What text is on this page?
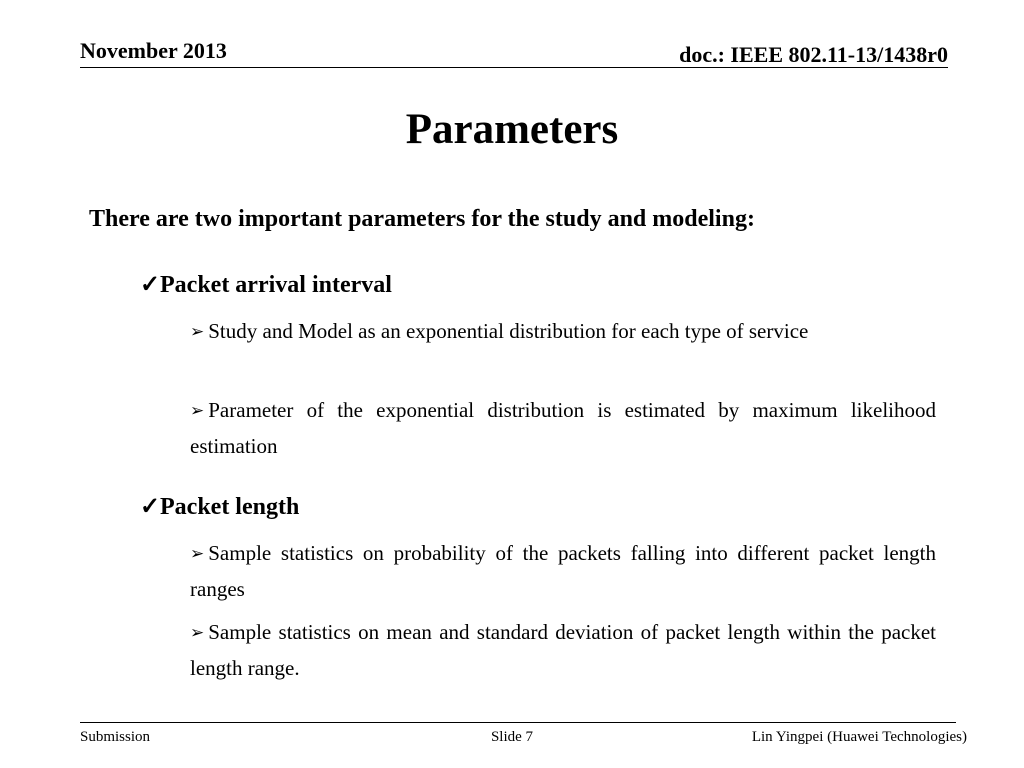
November 2013	doc.: IEEE 802.11-13/1438r0
Parameters
There are two important parameters for the study and modeling:
✓Packet arrival interval
➢ Study and Model as an exponential distribution for each type of service
➢ Parameter of the exponential distribution is estimated by maximum likelihood estimation
✓Packet length
➢ Sample statistics on probability of the packets falling into different packet length ranges
➢ Sample statistics on mean and standard deviation of packet length within the packet length range.
Submission	Slide 7	Lin Yingpei (Huawei Technologies)
